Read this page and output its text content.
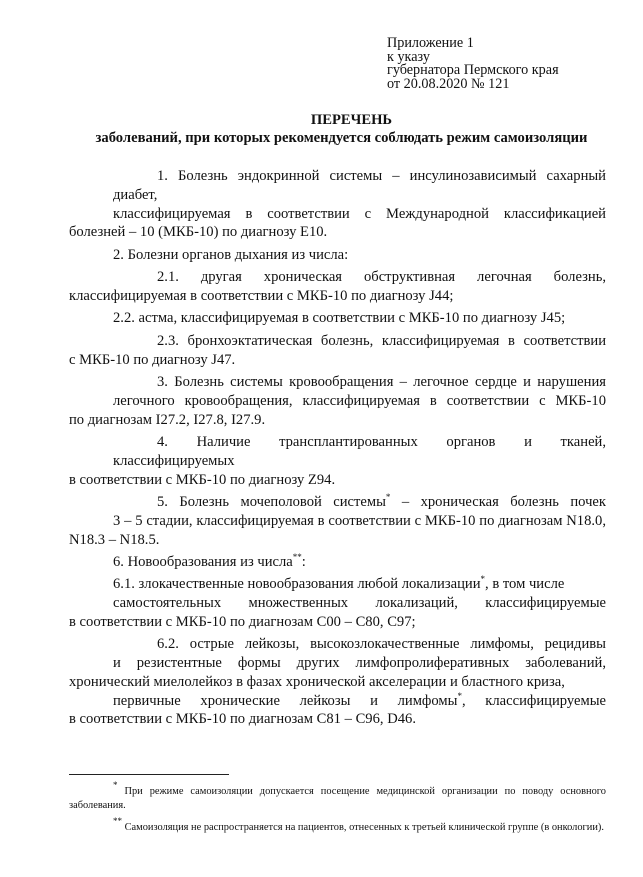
Приложение 1
к указу
губернатора Пермского края
от 20.08.2020 № 121
ПЕРЕЧЕНЬ
заболеваний, при которых рекомендуется соблюдать режим самоизоляции

1. Болезнь эндокринной системы – инсулинозависимый сахарный диабет,
классифицируемая в соответствии с Международной классификацией
болезней – 10 (МКБ-10) по диагнозу Е10.

2. Болезни органов дыхания из числа:

2.1. другая хроническая обструктивная легочная болезнь,
классифицируемая в соответствии с МКБ-10 по диагнозу J44;

2.2. астма, классифицируемая в соответствии с МКБ-10 по диагнозу J45;

2.3. бронхоэктатическая болезнь, классифицируемая в соответствии
с МКБ-10 по диагнозу J47.

3. Болезнь системы кровообращения – легочное сердце и нарушения
легочного кровообращения, классифицируемая в соответствии с МКБ-10
по диагнозам I27.2, I27.8, I27.9.

4. Наличие трансплантированных органов и тканей, классифицируемых
в соответствии с МКБ-10 по диагнозу Z94.

5. Болезнь мочеполовой системы* – хроническая болезнь почек
3 – 5 стадии, классифицируемая в соответствии с МКБ-10 по диагнозам N18.0,
N18.3 – N18.5.

6. Новообразования из числа**:

6.1. злокачественные новообразования любой локализации*, в том числе
самостоятельных множественных локализаций, классифицируемые
в соответствии с МКБ-10 по диагнозам С00 – С80, С97;

6.2. острые лейкозы, высокозлокачественные лимфомы, рецидивы
и резистентные формы других лимфопролиферативных заболеваний,
хронический миелолейкоз в фазах хронической акселерации и бластного криза,
первичные хронические лейкозы и лимфомы*, классифицируемые
в соответствии с МКБ-10 по диагнозам С81 – С96, D46.

* При режиме самоизоляции допускается посещение медицинской организации по поводу основного заболевания.
** Самоизоляция не распространяется на пациентов, отнесенных к третьей клинической группе (в онкологии).
